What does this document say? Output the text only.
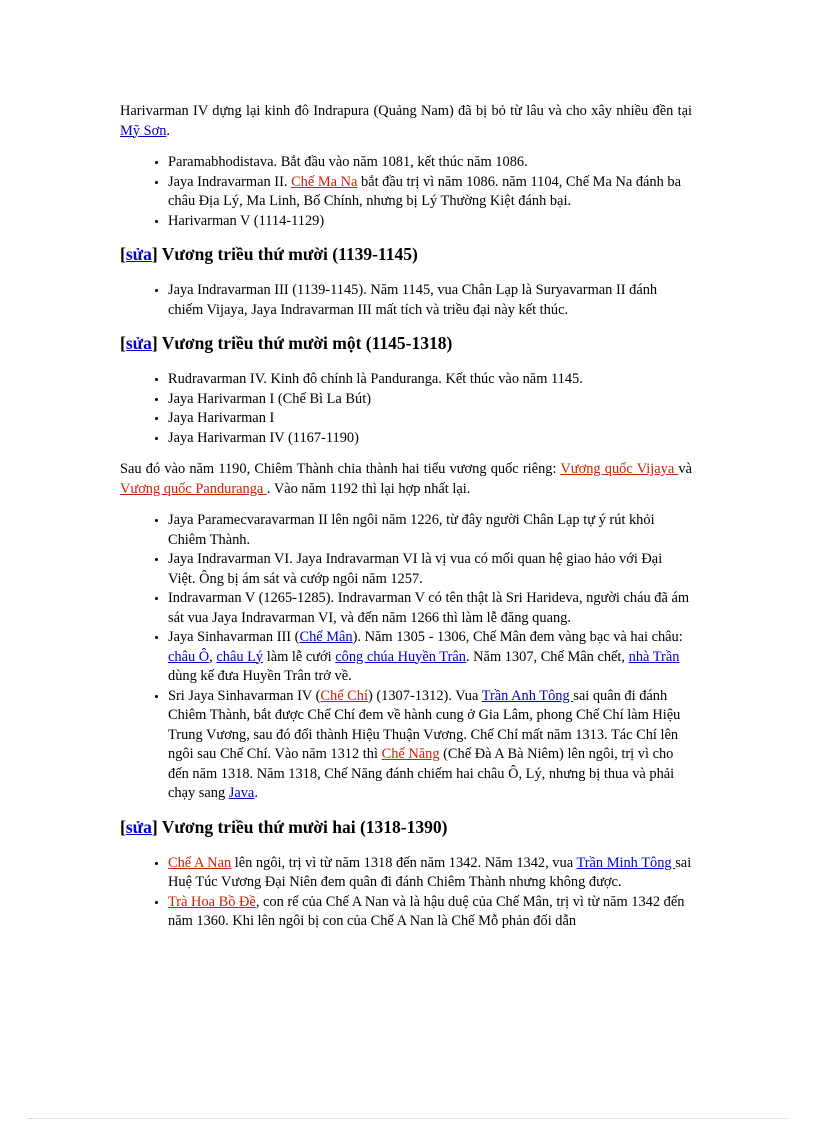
Harivarman IV dựng lại kinh đô Indrapura (Quảng Nam) đã bị bỏ từ lâu và cho xây nhiều đền tại Mỹ Sơn.

• Paramabhodistava. Bắt đầu vào năm 1081, kết thúc năm 1086.
• Jaya Indravarman II. Chế Ma Na bắt đầu trị vì năm 1086. năm 1104, Chế Ma Na đánh ba châu Địa Lý, Ma Linh, Bố Chính, nhưng bị Lý Thường Kiệt đánh bại.
• Harivarman V (1114-1129)
[sửa] Vương triều thứ mười (1139-1145)
• Jaya Indravarman III (1139-1145). Năm 1145, vua Chân Lạp là Suryavarman II đánh chiếm Vijaya, Jaya Indravarman III mất tích và triều đại này kết thúc.
[sửa] Vương triều thứ mười một (1145-1318)
• Rudravarman IV. Kinh đô chính là Panduranga. Kết thúc vào năm 1145.
• Jaya Harivarman I (Chế Bì La Bút)
• Jaya Harivarman I
• Jaya Harivarman IV (1167-1190)

Sau đó vào năm 1190, Chiêm Thành chia thành hai tiểu vương quốc riêng: Vương quốc Vijaya và Vương quốc Panduranga . Vào năm 1192 thì lại hợp nhất lại.

• Jaya Paramecvaravarman II lên ngôi năm 1226, từ đây người Chân Lạp tự ý rút khỏi Chiêm Thành.
• Jaya Indravarman VI. Jaya Indravarman VI là vị vua có mối quan hệ giao hảo với Đại Việt. Ông bị ám sát và cướp ngôi năm 1257.
• Indravarman V (1265-1285). Indravarman V có tên thật là Sri Harideva, người cháu đã ám sát vua Jaya Indravarman VI, và đến năm 1266 thì làm lễ đăng quang.
• Jaya Sinhavarman III (Chế Mân). Năm 1305 - 1306, Chế Mân đem vàng bạc và hai châu: châu Ô, châu Lý làm lễ cưới công chúa Huyền Trân. Năm 1307, Chế Mân chết, nhà Trần dùng kế đưa Huyền Trân trở về.
• Sri Jaya Sinhavarman IV (Chế Chí) (1307-1312). Vua Trần Anh Tông sai quân đi đánh Chiêm Thành, bắt được Chế Chí đem về hành cung ở Gia Lâm, phong Chế Chí làm Hiệu Trung Vương, sau đó đổi thành Hiệu Thuận Vương. Chế Chí mất năm 1313. Tác Chí lên ngôi sau Chế Chí. Vào năm 1312 thì Chế Năng (Chế Đà A Bà Niêm) lên ngôi, trị vì cho đến năm 1318. Năm 1318, Chế Năng đánh chiếm hai châu Ô, Lý, nhưng bị thua và phải chạy sang Java.
[sửa] Vương triều thứ mười hai (1318-1390)
• Chế A Nan lên ngôi, trị vì từ năm 1318 đến năm 1342. Năm 1342, vua Trần Minh Tông sai Huệ Túc Vương Đại Niên đem quân đi đánh Chiêm Thành nhưng không được.
• Trà Hoa Bồ Đề, con rể của Chế A Nan và là hậu duệ của Chế Mân, trị vì từ năm 1342 đến năm 1360. Khi lên ngôi bị con của Chế A Nan là Chế Mỗ phản đối dẫn
